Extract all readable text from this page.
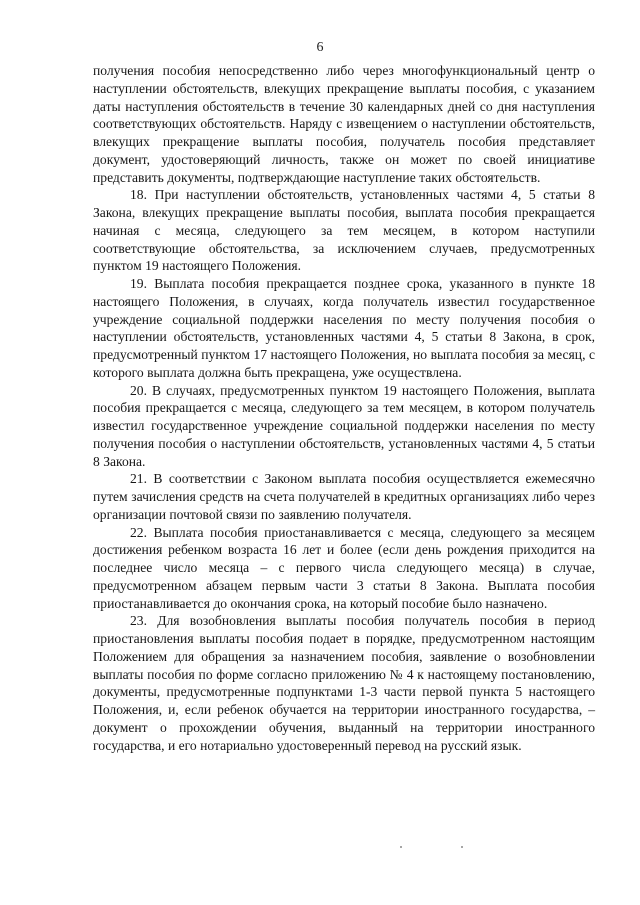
6

получения пособия непосредственно либо через многофункциональный центр о наступлении обстоятельств, влекущих прекращение выплаты пособия, с указанием даты наступления обстоятельств в течение 30 календарных дней со дня наступления соответствующих обстоятельств. Наряду с извещением о наступлении обстоятельств, влекущих прекращение выплаты пособия, получатель пособия представляет документ, удостоверяющий личность, также он может по своей инициативе представить документы, подтверждающие наступление таких обстоятельств.

18. При наступлении обстоятельств, установленных частями 4, 5 статьи 8 Закона, влекущих прекращение выплаты пособия, выплата пособия прекращается начиная с месяца, следующего за тем месяцем, в котором наступили соответствующие обстоятельства, за исключением случаев, предусмотренных пунктом 19 настоящего Положения.

19. Выплата пособия прекращается позднее срока, указанного в пункте 18 настоящего Положения, в случаях, когда получатель известил государственное учреждение социальной поддержки населения по месту получения пособия о наступлении обстоятельств, установленных частями 4, 5 статьи 8 Закона, в срок, предусмотренный пунктом 17 настоящего Положения, но выплата пособия за месяц, с которого выплата должна быть прекращена, уже осуществлена.

20. В случаях, предусмотренных пунктом 19 настоящего Положения, выплата пособия прекращается с месяца, следующего за тем месяцем, в котором получатель известил государственное учреждение социальной поддержки населения по месту получения пособия о наступлении обстоятельств, установленных частями 4, 5 статьи 8 Закона.

21. В соответствии с Законом выплата пособия осуществляется ежемесячно путем зачисления средств на счета получателей в кредитных организациях либо через организации почтовой связи по заявлению получателя.

22. Выплата пособия приостанавливается с месяца, следующего за месяцем достижения ребенком возраста 16 лет и более (если день рождения приходится на последнее число месяца – с первого числа следующего месяца) в случае, предусмотренном абзацем первым части 3 статьи 8 Закона. Выплата пособия приостанавливается до окончания срока, на который пособие было назначено.

23. Для возобновления выплаты пособия получатель пособия в период приостановления выплаты пособия подает в порядке, предусмотренном настоящим Положением для обращения за назначением пособия, заявление о возобновлении выплаты пособия по форме согласно приложению № 4 к настоящему постановлению, документы, предусмотренные подпунктами 1-3 части первой пункта 5 настоящего Положения, и, если ребенок обучается на территории иностранного государства, – документ о прохождении обучения, выданный на территории иностранного государства, и его нотариально удостоверенный перевод на русский язык.
